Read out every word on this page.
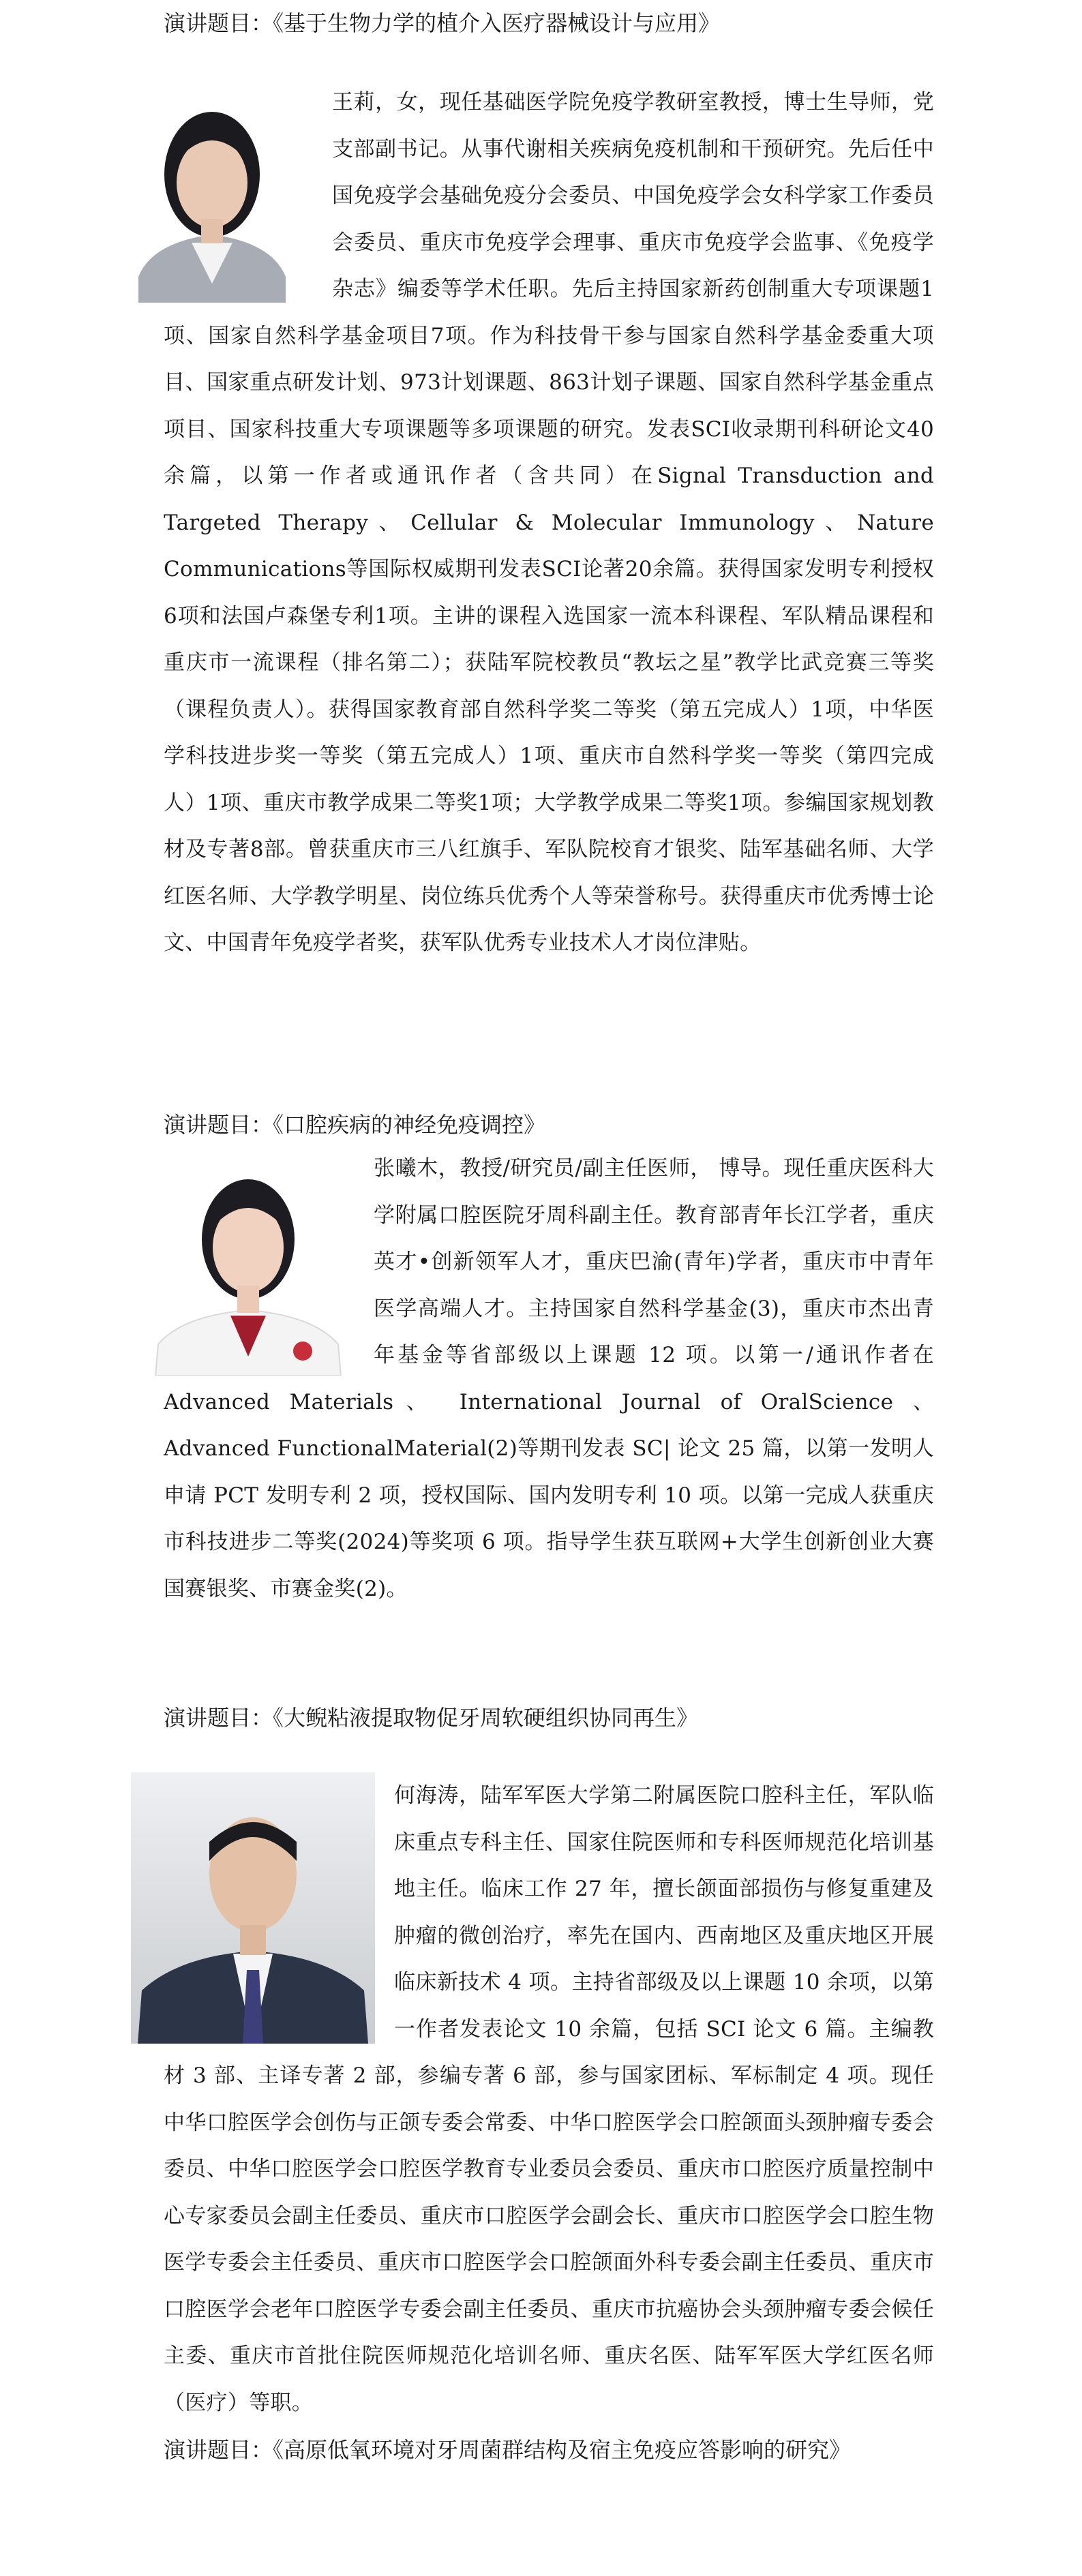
演讲题目：《基于生物力学的植介入医疗器械设计与应用》

王莉，女，现任基础医学院免疫学教研室教授，博士生导师，党支部副书记。从事代谢相关疾病免疫机制和干预研究。先后任中国免疫学会基础免疫分会委员、中国免疫学会女科学家工作委员会委员、重庆市免疫学会理事、重庆市免疫学会监事、《免疫学杂志》编委等学术任职。先后主持国家新药创制重大专项课题1项、国家自然科学基金项目7项。作为科技骨干参与国家自然科学基金委重大项目、国家重点研发计划、973计划课题、863计划子课题、国家自然科学基金重点项目、国家科技重大专项课题等多项课题的研究。发表SCI收录期刊科研论文40余篇，以第一作者或通讯作者（含共同）在Signal Transduction and Targeted Therapy、Cellular & Molecular Immunology、Nature Communications等国际权威期刊发表SCI论著20余篇。获得国家发明专利授权6项和法国卢森堡专利1项。主讲的课程入选国家一流本科课程、军队精品课程和重庆市一流课程（排名第二）；获陆军院校教员“教坛之星”教学比武竞赛三等奖（课程负责人）。获得国家教育部自然科学奖二等奖（第五完成人）1项，中华医学科技进步奖一等奖（第五完成人）1项、重庆市自然科学奖一等奖（第四完成人）1项、重庆市教学成果二等奖1项；大学教学成果二等奖1项。参编国家规划教材及专著8部。曾获重庆市三八红旗手、军队院校育才银奖、陆军基础名师、大学红医名师、大学教学明星、岗位练兵优秀个人等荣誉称号。获得重庆市优秀博士论文、中国青年免疫学者奖，获军队优秀专业技术人才岗位津贴。

演讲题目：《口腔疾病的神经免疫调控》

张曦木，教授/研究员/副主任医师， 博导。现任重庆医科大学附属口腔医院牙周科副主任。教育部青年长江学者，重庆英才•创新领军人才，重庆巴渝(青年)学者，重庆市中青年医学高端人才。主持国家自然科学基金(3)，重庆市杰出青年基金等省部级以上课题 12 项。以第一/通讯作者在 Advanced Materials、 International Journal of OralScience 、Advanced FunctionalMaterial(2)等期刊发表 SC| 论文 25 篇，以第一发明人申请 PCT 发明专利 2 项，授权国际、国内发明专利 10 项。以第一完成人获重庆市科技进步二等奖(2024)等奖项 6 项。指导学生获互联网+大学生创新创业大赛国赛银奖、市赛金奖(2)。

演讲题目：《大鲵粘液提取物促牙周软硬组织协同再生》

何海涛，陆军军医大学第二附属医院口腔科主任，军队临床重点专科主任、国家住院医师和专科医师规范化培训基地主任。临床工作 27 年，擅长颌面部损伤与修复重建及肿瘤的微创治疗，率先在国内、西南地区及重庆地区开展临床新技术 4 项。主持省部级及以上课题 10 余项，以第一作者发表论文 10 余篇，包括 SCI 论文 6 篇。主编教材 3 部、主译专著 2 部，参编专著 6 部，参与国家团标、军标制定 4 项。现任中华口腔医学会创伤与正颌专委会常委、中华口腔医学会口腔颌面头颈肿瘤专委会委员、中华口腔医学会口腔医学教育专业委员会委员、重庆市口腔医疗质量控制中心专家委员会副主任委员、重庆市口腔医学会副会长、重庆市口腔医学会口腔生物医学专委会主任委员、重庆市口腔医学会口腔颌面外科专委会副主任委员、重庆市口腔医学会老年口腔医学专委会副主任委员、重庆市抗癌协会头颈肿瘤专委会候任主委、重庆市首批住院医师规范化培训名师、重庆名医、陆军军医大学红医名师（医疗）等职。

演讲题目：《高原低氧环境对牙周菌群结构及宿主免疫应答影响的研究》
